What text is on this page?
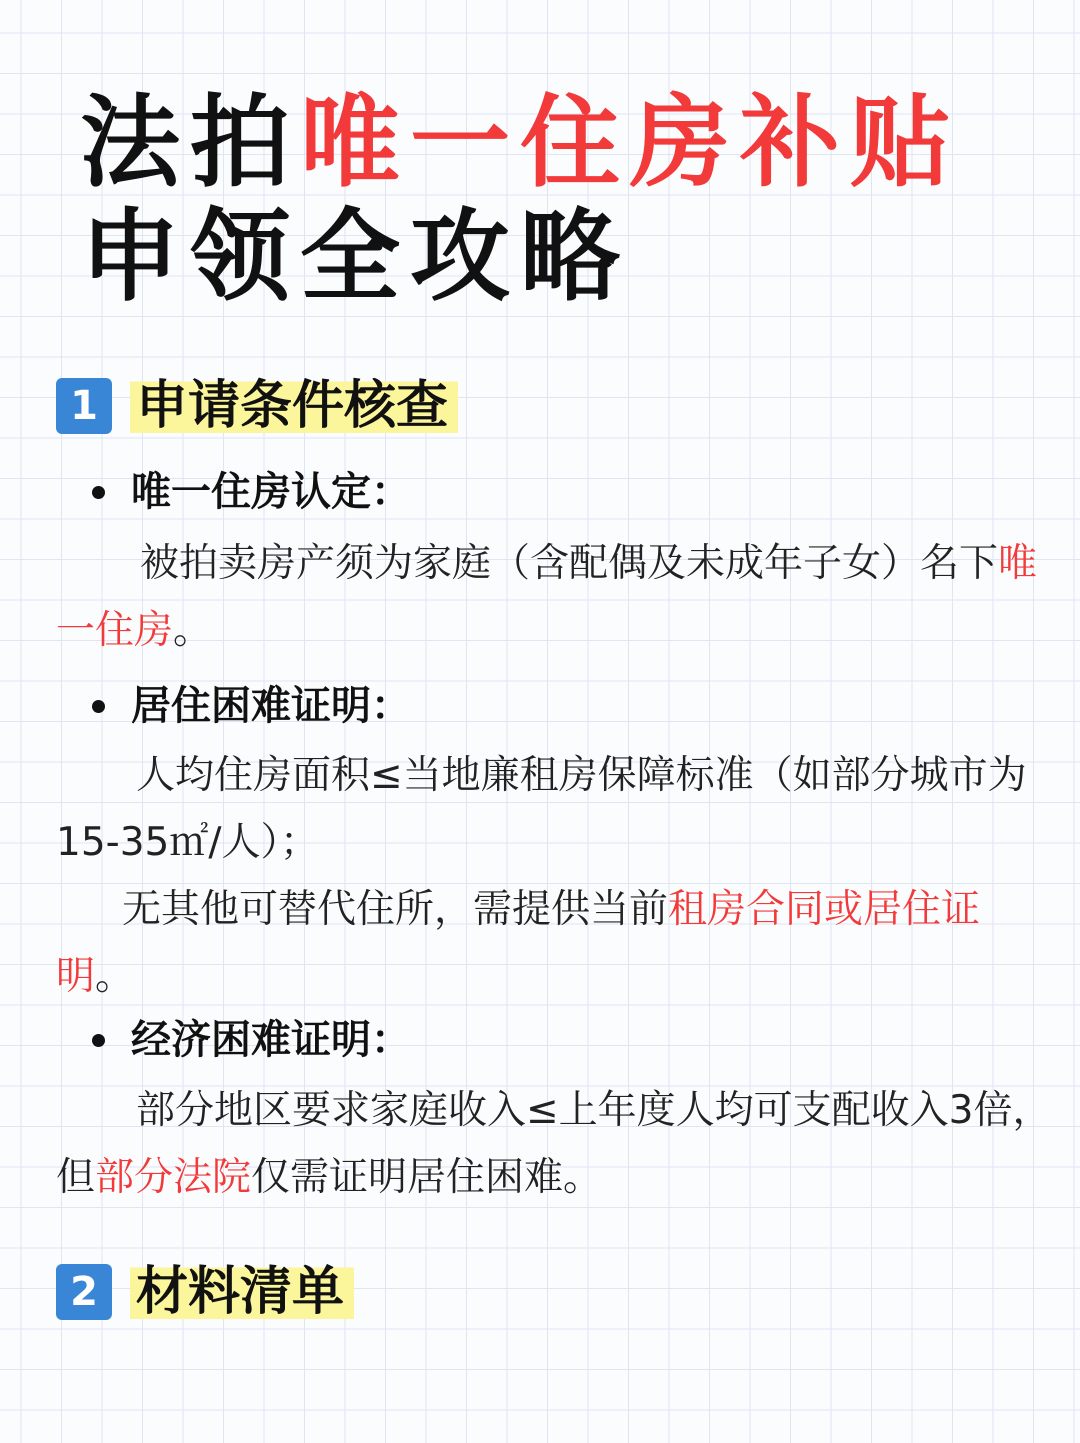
法拍唯一住房补贴
申领全攻略
1 申请条件核查
唯一住房认定：
被拍卖房产须为家庭（含配偶及未成年子女）名下唯一住房。
居住困难证明：
人均住房面积≤当地廉租房保障标准（如部分城市为15-35㎡/人）；
无其他可替代住所，需提供当前租房合同或居住证明。
经济困难证明：
部分地区要求家庭收入≤上年度人均可支配收入3倍，但部分法院仅需证明居住困难。
2 材料清单
